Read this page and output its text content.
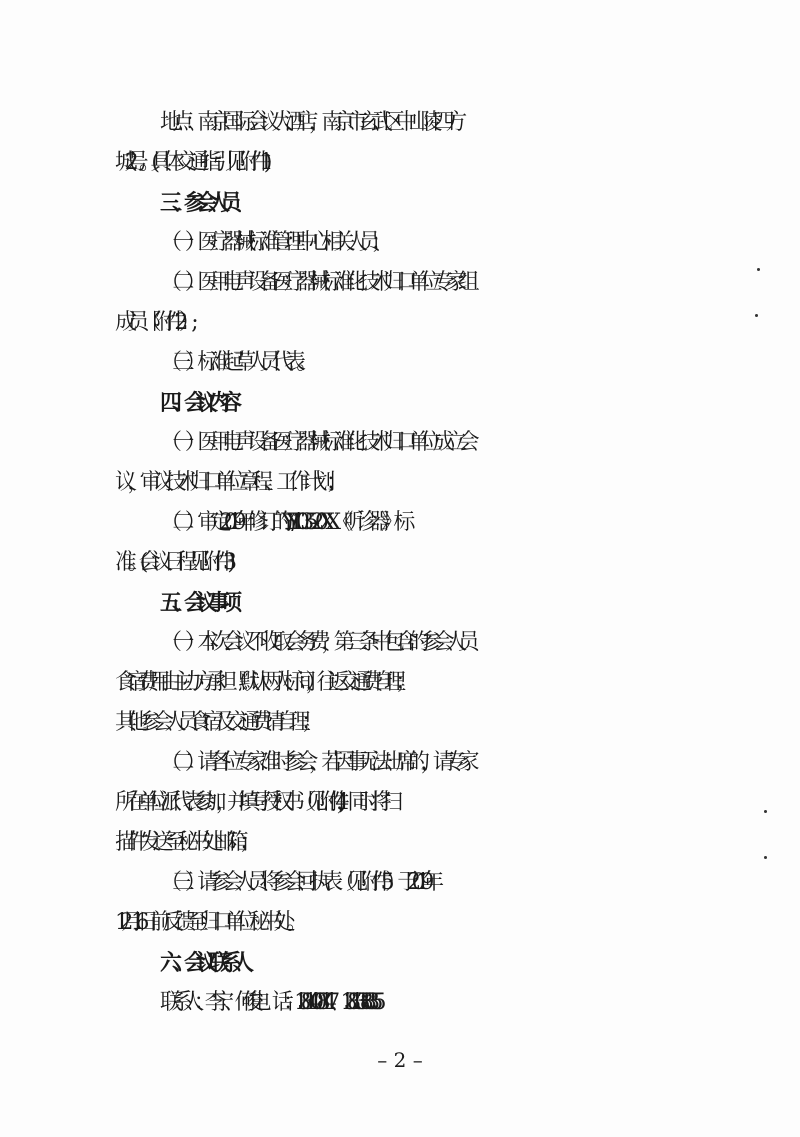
地点：南京国际会议大酒店，南京市玄武区中山陵四方
城 2 号。(具体交通指引见附件 1)
三、参会人员
（一）医疗器械标准管理中心相关人员；
（二）医用电声设备医疗器械标准化技术归口单位专家组
成员（附件 2）;
（三）标准起草人员代表。
四、会议内容
（一）医用电声设备医疗器械标准化技术归口单位成立会
议，审议技术归口单位章程、工作计划；
（二）审定 2019 年修订的 YY/T 1035–20XX《听诊器》标
准。(会议日程见附件 3)
五、会议事项
（一）本次会议不收取会务费，第三条中包含的参会人员
食宿费用由主办方承担（默认两人标间），往返交通费自理；
其他参会人员食宿及交通费请自理；
（二）请各位专家准时参会，若因事无法出席的，请专家
所在单位派代表参加，并填写授权书（见附件 4)，同时将扫
描件发送至秘书处邮箱；
（三）请参会人员将参会回执表（见附件 5）于 2019 年
12 月 16 日前反馈至归口单位秘书处。
六、会议联系人
联系人：李 宁、何 俊 电　话：13814008147、13813388355
– 2 –
